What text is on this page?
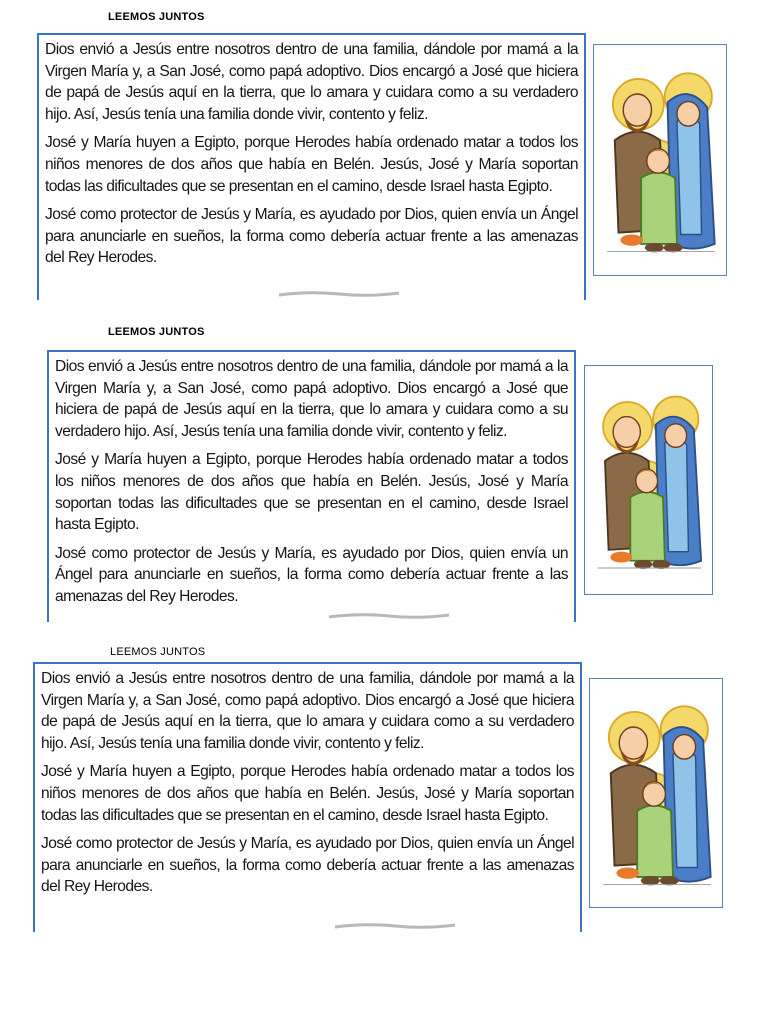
LEEMOS JUNTOS

Dios envió a Jesús entre nosotros dentro de una familia, dándole por mamá a la Virgen María y, a San José, como papá adoptivo. Dios encargó a José que hiciera de papá de Jesús aquí en la tierra, que lo amara y cuidara como a su verdadero hijo. Así, Jesús tenía una familia donde vivir, contento y feliz.

José y María huyen a Egipto, porque Herodes había ordenado matar a todos los niños menores de dos años que había en Belén. Jesús, José y María soportan todas las dificultades que se presentan en el camino, desde Israel hasta Egipto.

José como protector de Jesús y María, es ayudado por Dios, quien envía un Ángel para anunciarle en sueños, la forma como debería actuar frente a las amenazas del Rey Herodes.

LEEMOS JUNTOS

Dios envió a Jesús entre nosotros dentro de una familia, dándole por mamá a la Virgen María y, a San José, como papá adoptivo. Dios encargó a José que hiciera de papá de Jesús aquí en la tierra, que lo amara y cuidara como a su verdadero hijo. Así, Jesús tenía una familia donde vivir, contento y feliz.

José y María huyen a Egipto, porque Herodes había ordenado matar a todos los niños menores de dos años que había en Belén. Jesús, José y María soportan todas las dificultades que se presentan en el camino, desde Israel hasta Egipto.

José como protector de Jesús y María, es ayudado por Dios, quien envía un Ángel para anunciarle en sueños, la forma como debería actuar frente a las amenazas del Rey Herodes.

LEEMOS JUNTOS

Dios envió a Jesús entre nosotros dentro de una familia, dándole por mamá a la Virgen María y, a San José, como papá adoptivo. Dios encargó a José que hiciera de papá de Jesús aquí en la tierra, que lo amara y cuidara como a su verdadero hijo. Así, Jesús tenía una familia donde vivir, contento y feliz.

José y María huyen a Egipto, porque Herodes había ordenado matar a todos los niños menores de dos años que había en Belén. Jesús, José y María soportan todas las dificultades que se presentan en el camino, desde Israel hasta Egipto.

José como protector de Jesús y María, es ayudado por Dios, quien envía un Ángel para anunciarle en sueños, la forma como debería actuar frente a las amenazas del Rey Herodes.
